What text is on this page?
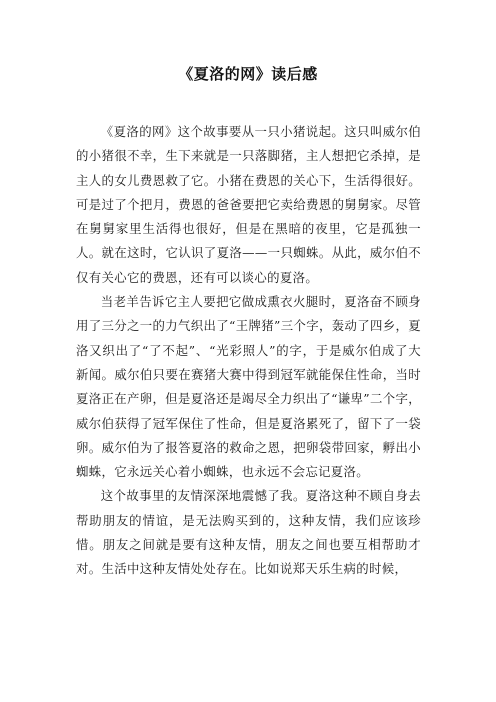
《夏洛的网》读后感

《夏洛的网》这个故事要从一只小猪说起。这只叫威尔伯的小猪很不幸，生下来就是一只落脚猪，主人想把它杀掉，是主人的女儿费恩救了它。小猪在费恩的关心下，生活得很好。可是过了个把月，费恩的爸爸要把它卖给费恩的舅舅家。尽管在舅舅家里生活得也很好，但是在黑暗的夜里，它是孤独一人。就在这时，它认识了夏洛——一只蜘蛛。从此，威尔伯不仅有关心它的费恩，还有可以谈心的夏洛。

当老羊告诉它主人要把它做成熏衣火腿时，夏洛奋不顾身用了三分之一的力气织出了“王牌猪”三个字，轰动了四乡，夏洛又织出了“了不起”、“光彩照人”的字，于是威尔伯成了大新闻。威尔伯只要在赛猪大赛中得到冠军就能保住性命，当时夏洛正在产卵，但是夏洛还是竭尽全力织出了“谦卑”二个字，威尔伯获得了冠军保住了性命，但是夏洛累死了，留下了一袋卵。威尔伯为了报答夏洛的救命之恩，把卵袋带回家，孵出小蜘蛛，它永远关心着小蜘蛛，也永远不会忘记夏洛。

这个故事里的友情深深地震憾了我。夏洛这种不顾自身去帮助朋友的情谊，是无法购买到的，这种友情，我们应该珍惜。朋友之间就是要有这种友情，朋友之间也要互相帮助才对。生活中这种友情处处存在。比如说郑天乐生病的时候，
